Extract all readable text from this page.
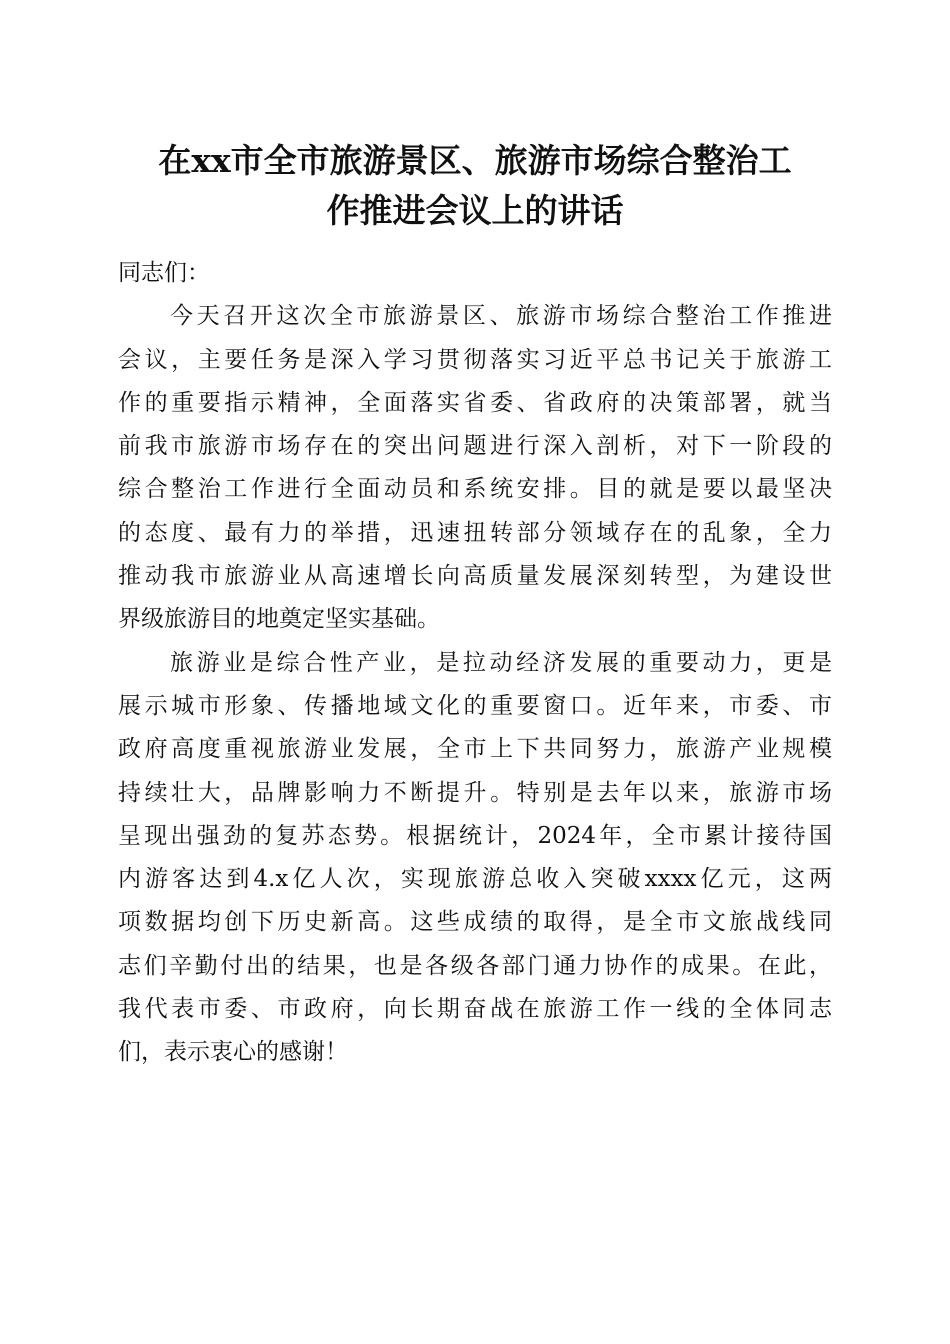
在xx市全市旅游景区、旅游市场综合整治工
作推进会议上的讲话

同志们：

今天召开这次全市旅游景区、旅游市场综合整治工作推进
会议，主要任务是深入学习贯彻落实习近平总书记关于旅游工
作的重要指示精神，全面落实省委、省政府的决策部署，就当
前我市旅游市场存在的突出问题进行深入剖析，对下一阶段的
综合整治工作进行全面动员和系统安排。目的就是要以最坚决
的态度、最有力的举措，迅速扭转部分领域存在的乱象，全力
推动我市旅游业从高速增长向高质量发展深刻转型，为建设世
界级旅游目的地奠定坚实基础。
旅游业是综合性产业，是拉动经济发展的重要动力，更是
展示城市形象、传播地域文化的重要窗口。近年来，市委、市
政府高度重视旅游业发展，全市上下共同努力，旅游产业规模
持续壮大，品牌影响力不断提升。特别是去年以来，旅游市场
呈现出强劲的复苏态势。根据统计，2024年，全市累计接待国
内游客达到4.x亿人次，实现旅游总收入突破xxxx亿元，这两
项数据均创下历史新高。这些成绩的取得，是全市文旅战线同
志们辛勤付出的结果，也是各级各部门通力协作的成果。在此，
我代表市委、市政府，向长期奋战在旅游工作一线的全体同志
们，表示衷心的感谢！
